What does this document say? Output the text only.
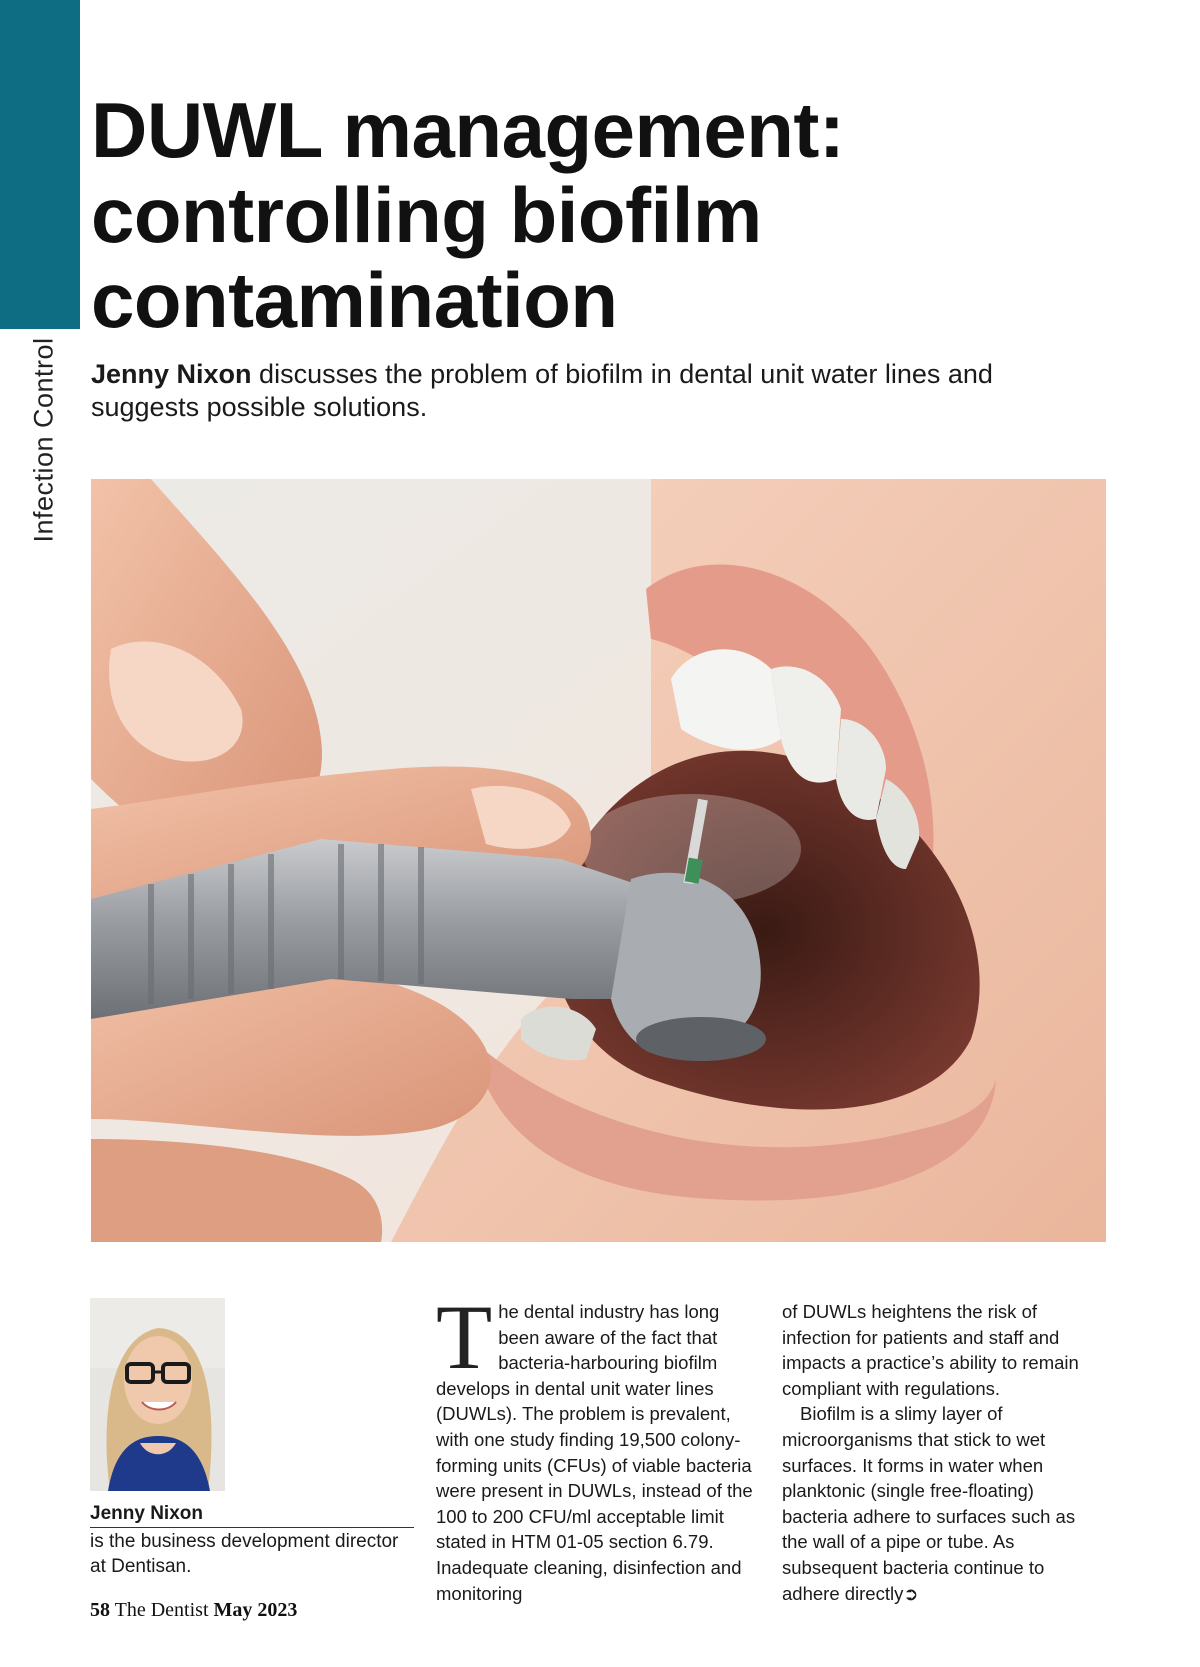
Infection Control
DUWL management:
controlling biofilm
contamination

Jenny Nixon discusses the problem of biofilm in dental unit water lines and suggests possible solutions.

Jenny Nixon
is the business development director at Dentisan.

The dental industry has long been aware of the fact that bacteria-harbouring biofilm develops in dental unit water lines (DUWLs). The problem is prevalent, with one study finding 19,500 colony-forming units (CFUs) of viable bacteria were present in DUWLs, instead of the 100 to 200 CFU/ml acceptable limit stated in HTM 01-05 section 6.79. Inadequate cleaning, disinfection and monitoring

of DUWLs heightens the risk of infection for patients and staff and impacts a practice’s ability to remain compliant with regulations.

Biofilm is a slimy layer of microorganisms that stick to wet surfaces. It forms in water when planktonic (single free-floating) bacteria adhere to surfaces such as the wall of a pipe or tube. As subsequent bacteria continue to adhere directly➲

58 The Dentist May 2023
